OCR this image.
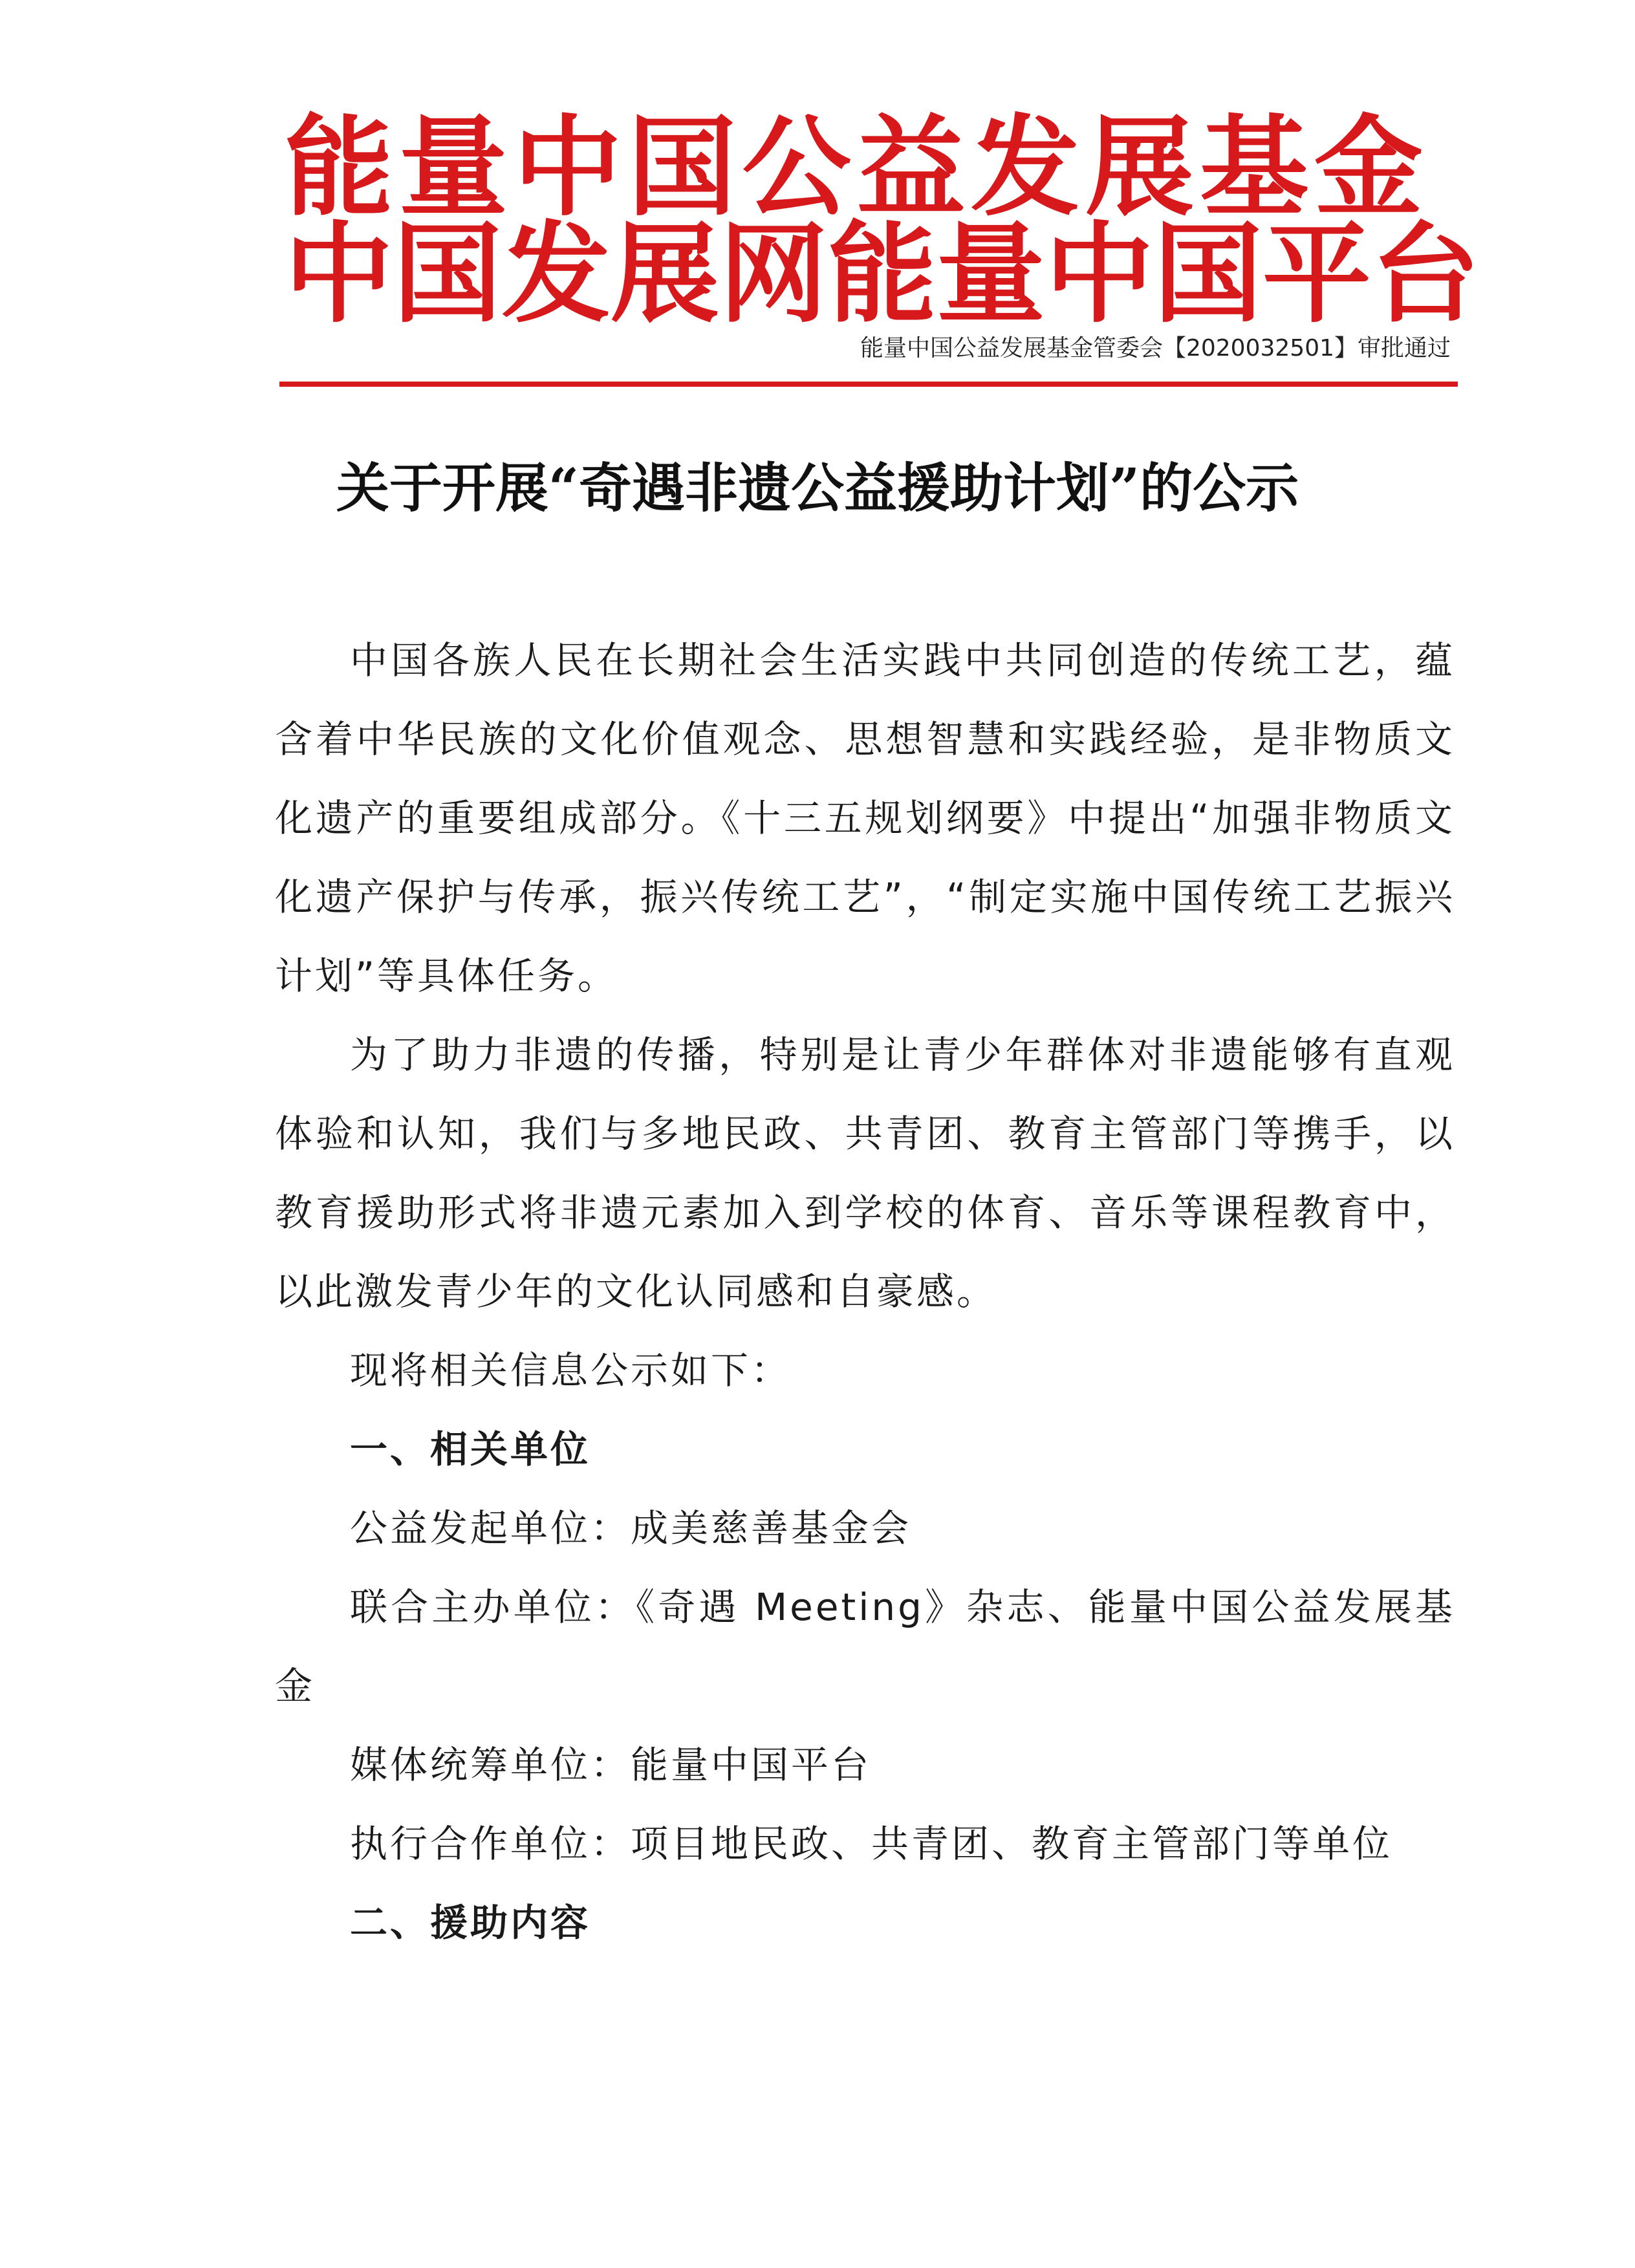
能量中国公益发展基金
中国发展网能量中国平台
能量中国公益发展基金管委会【2020032501】审批通过
关于开展“奇遇非遗公益援助计划”的公示

中国各族人民在长期社会生活实践中共同创造的传统工艺，蕴含着中华民族的文化价值观念、思想智慧和实践经验，是非物质文化遗产的重要组成部分。《十三五规划纲要》中提出“加强非物质文化遗产保护与传承，振兴传统工艺”，“制定实施中国传统工艺振兴计划”等具体任务。

为了助力非遗的传播，特别是让青少年群体对非遗能够有直观体验和认知，我们与多地民政、共青团、教育主管部门等携手，以教育援助形式将非遗元素加入到学校的体育、音乐等课程教育中，以此激发青少年的文化认同感和自豪感。

现将相关信息公示如下：

一、相关单位

公益发起单位：成美慈善基金会

联合主办单位：《奇遇 Meeting》杂志、能量中国公益发展基金

媒体统筹单位：能量中国平台

执行合作单位：项目地民政、共青团、教育主管部门等单位

二、援助内容
